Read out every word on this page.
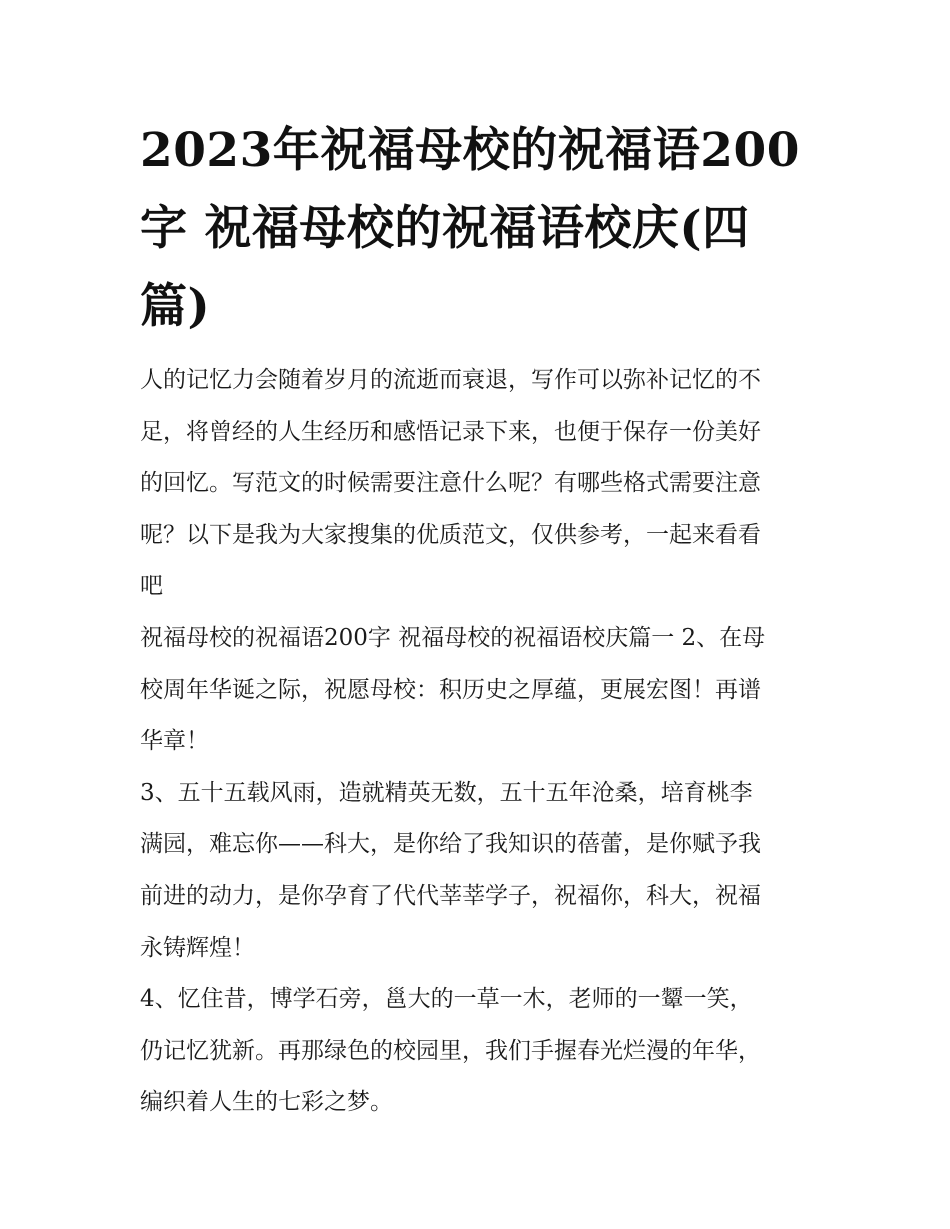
2023年祝福母校的祝福语200
字 祝福母校的祝福语校庆(四
篇)

人的记忆力会随着岁月的流逝而衰退，写作可以弥补记忆的不
足，将曾经的人生经历和感悟记录下来，也便于保存一份美好
的回忆。写范文的时候需要注意什么呢？有哪些格式需要注意
呢？以下是我为大家搜集的优质范文，仅供参考，一起来看看
吧

祝福母校的祝福语200字 祝福母校的祝福语校庆篇一 2、在母
校周年华诞之际，祝愿母校：积历史之厚蕴，更展宏图！再谱
华章！

3、五十五载风雨，造就精英无数，五十五年沧桑，培育桃李
满园，难忘你——科大，是你给了我知识的蓓蕾，是你赋予我
前进的动力，是你孕育了代代莘莘学子，祝福你，科大，祝福
永铸辉煌！

4、忆住昔，博学石旁，邕大的一草一木，老师的一颦一笑，
仍记忆犹新。再那绿色的校园里，我们手握春光烂漫的年华，
编织着人生的七彩之梦。
